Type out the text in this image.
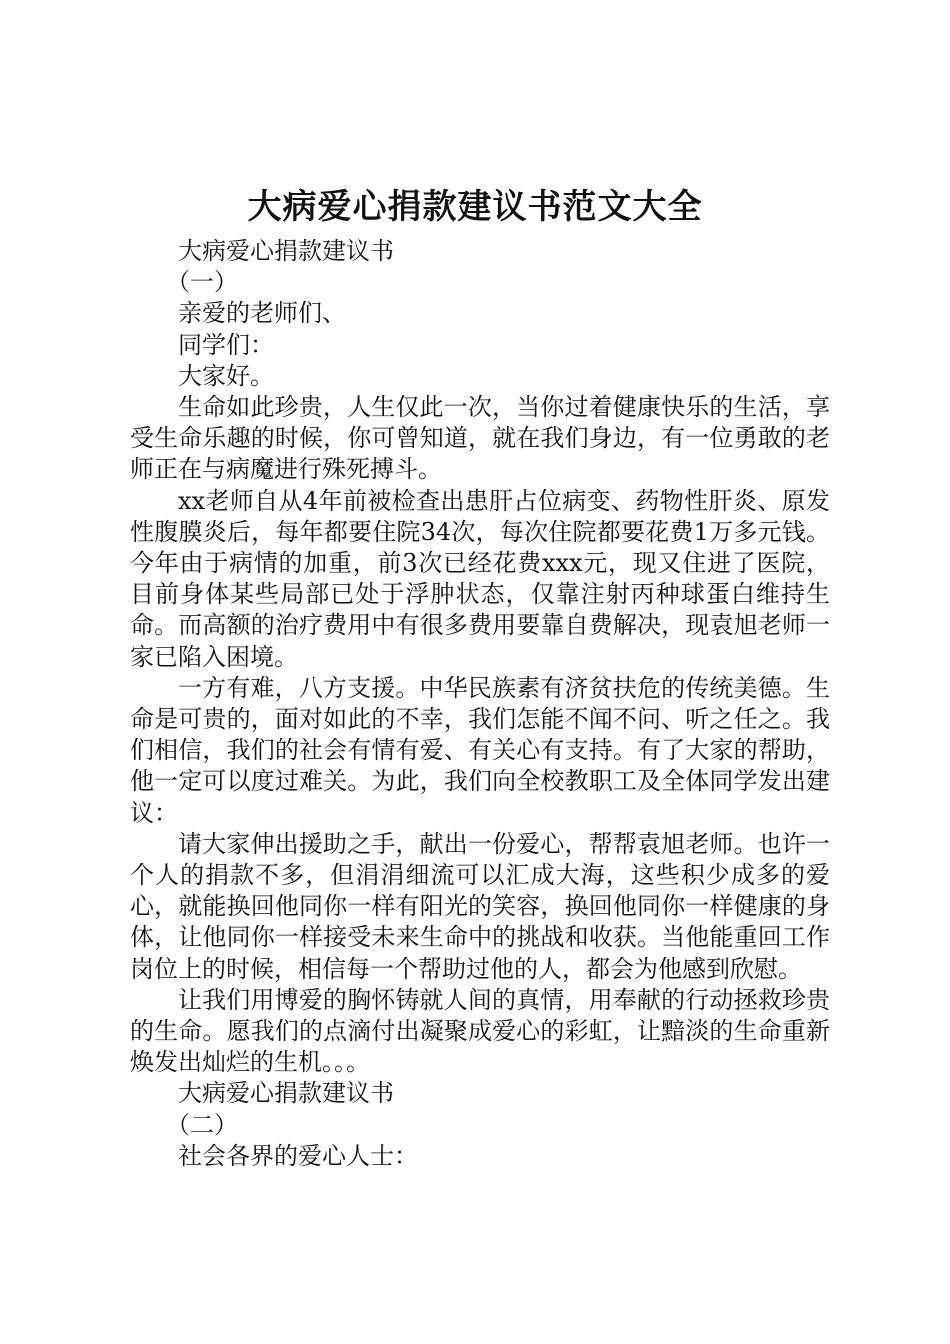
大病爱心捐款建议书范文大全

大病爱心捐款建议书

（一）

亲爱的老师们、

同学们：

大家好。

生命如此珍贵，人生仅此一次，当你过着健康快乐的生活，享受生命乐趣的时候，你可曾知道，就在我们身边，有一位勇敢的老师正在与病魔进行殊死搏斗。

xx老师自从4年前被检查出患肝占位病变、药物性肝炎、原发性腹膜炎后，每年都要住院34次，每次住院都要花费1万多元钱。今年由于病情的加重，前3次已经花费xxx元，现又住进了医院，目前身体某些局部已处于浮肿状态，仅靠注射丙种球蛋白维持生命。而高额的治疗费用中有很多费用要靠自费解决，现袁旭老师一家已陷入困境。

一方有难，八方支援。中华民族素有济贫扶危的传统美德。生命是可贵的，面对如此的不幸，我们怎能不闻不问、听之任之。我们相信，我们的社会有情有爱、有关心有支持。有了大家的帮助，他一定可以度过难关。为此，我们向全校教职工及全体同学发出建议：

请大家伸出援助之手，献出一份爱心，帮帮袁旭老师。也许一个人的捐款不多，但涓涓细流可以汇成大海，这些积少成多的爱心，就能换回他同你一样有阳光的笑容，换回他同你一样健康的身体，让他同你一样接受未来生命中的挑战和收获。当他能重回工作岗位上的时候，相信每一个帮助过他的人，都会为他感到欣慰。

让我们用博爱的胸怀铸就人间的真情，用奉献的行动拯救珍贵的生命。愿我们的点滴付出凝聚成爱心的彩虹，让黯淡的生命重新焕发出灿烂的生机。。。

大病爱心捐款建议书

（二）

社会各界的爱心人士：
